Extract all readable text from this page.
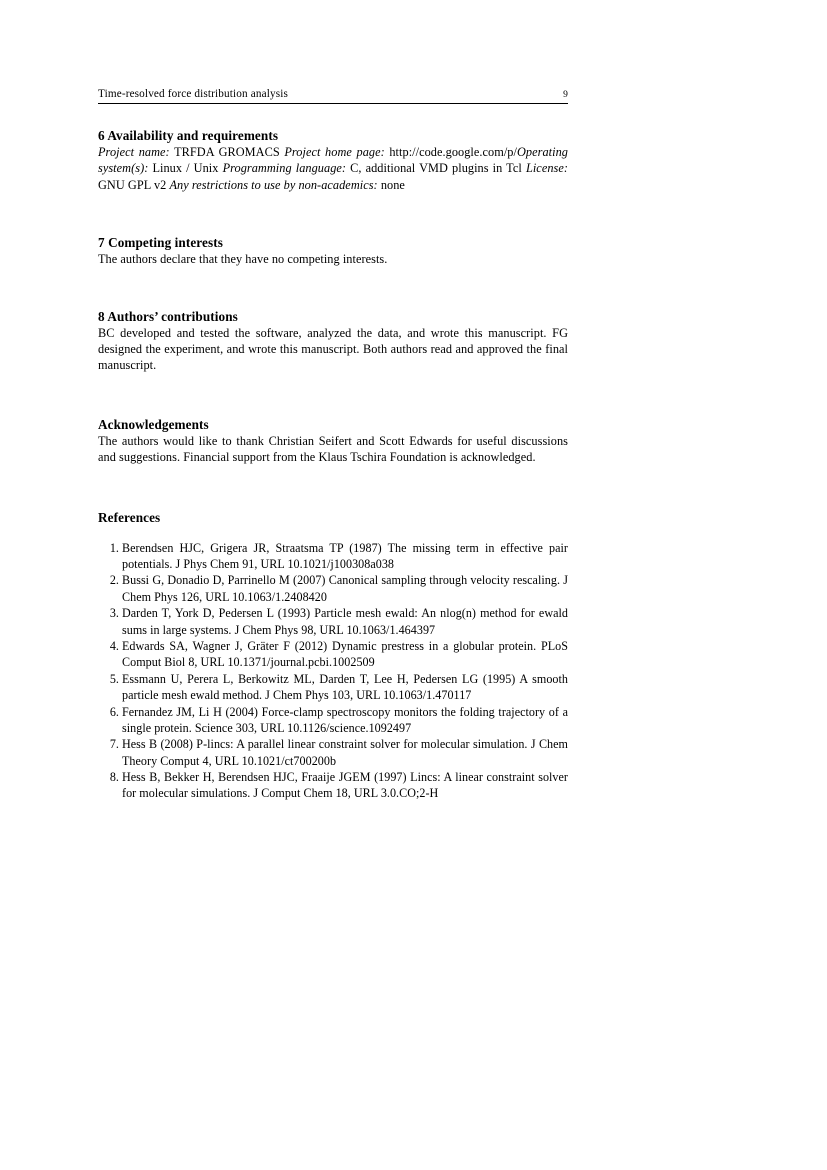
Time-resolved force distribution analysis	9
6 Availability and requirements

Project name: TRFDA GROMACS Project home page: http://code.google.com/p/Operating system(s): Linux / Unix Programming language: C, additional VMD plugins in Tcl License: GNU GPL v2 Any restrictions to use by non-academics: none

7 Competing interests

The authors declare that they have no competing interests.

8 Authors’ contributions

BC developed and tested the software, analyzed the data, and wrote this manuscript. FG designed the experiment, and wrote this manuscript. Both authors read and approved the final manuscript.

Acknowledgements

The authors would like to thank Christian Seifert and Scott Edwards for useful discussions and suggestions. Financial support from the Klaus Tschira Foundation is acknowledged.

References
Berendsen HJC, Grigera JR, Straatsma TP (1987) The missing term in effective pair potentials. J Phys Chem 91, URL 10.1021/j100308a038
Bussi G, Donadio D, Parrinello M (2007) Canonical sampling through velocity rescaling. J Chem Phys 126, URL 10.1063/1.2408420
Darden T, York D, Pedersen L (1993) Particle mesh ewald: An nlog(n) method for ewald sums in large systems. J Chem Phys 98, URL 10.1063/1.464397
Edwards SA, Wagner J, Gräter F (2012) Dynamic prestress in a globular protein. PLoS Comput Biol 8, URL 10.1371/journal.pcbi.1002509
Essmann U, Perera L, Berkowitz ML, Darden T, Lee H, Pedersen LG (1995) A smooth particle mesh ewald method. J Chem Phys 103, URL 10.1063/1.470117
Fernandez JM, Li H (2004) Force-clamp spectroscopy monitors the folding trajectory of a single protein. Science 303, URL 10.1126/science.1092497
Hess B (2008) P-lincs: A parallel linear constraint solver for molecular simulation. J Chem Theory Comput 4, URL 10.1021/ct700200b
Hess B, Bekker H, Berendsen HJC, Fraaije JGEM (1997) Lincs: A linear constraint solver for molecular simulations. J Comput Chem 18, URL 3.0.CO;2-H
